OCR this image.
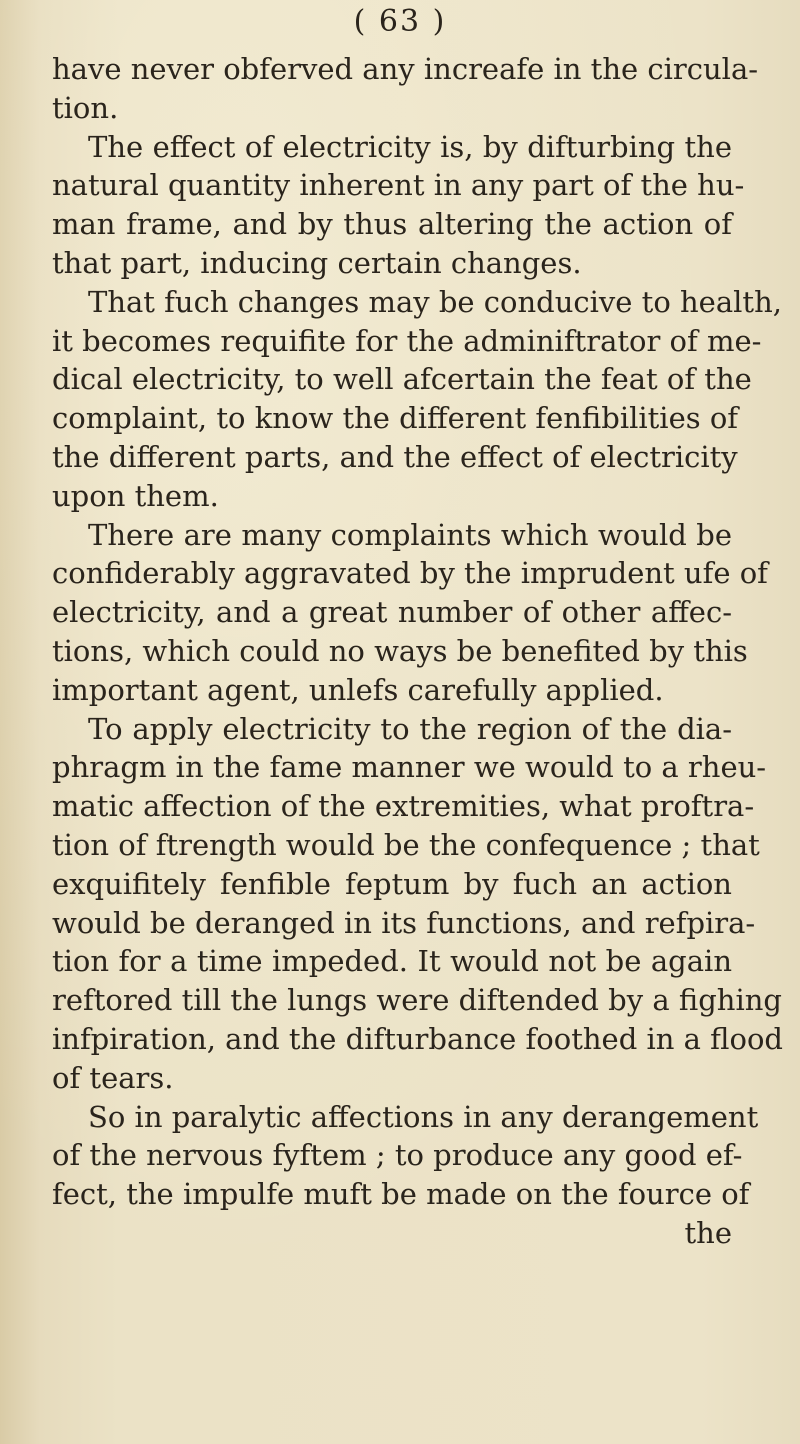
( 63 )
have never obferved any increafe in the circula-
tion.
The effect of electricity is, by difturbing the
natural quantity inherent in any part of the hu-
man frame, and by thus altering the action of
that part, inducing certain changes.
That fuch changes may be conducive to health,
it becomes requifite for the adminiftrator of me-
dical electricity, to well afcertain the feat of the
complaint, to know the different fenfibilities of
the different parts, and the effect of electricity
upon them.
There are many complaints which would be
confiderably aggravated by the imprudent ufe of
electricity, and a great number of other affec-
tions, which could no ways be benefited by this
important agent, unlefs carefully applied.
To apply electricity to the region of the dia-
phragm in the fame manner we would to a rheu-
matic affection of the extremities, what proftra-
tion of ftrength would be the confequence ; that
exquifitely fenfible feptum by fuch an action
would be deranged in its functions, and refpira-
tion for a time impeded. It would not be again
reftored till the lungs were diftended by a fighing
infpiration, and the difturbance foothed in a flood
of tears.
So in paralytic affections in any derangement
of the nervous fyftem ; to produce any good ef-
fect, the impulfe muft be made on the fource of
the
